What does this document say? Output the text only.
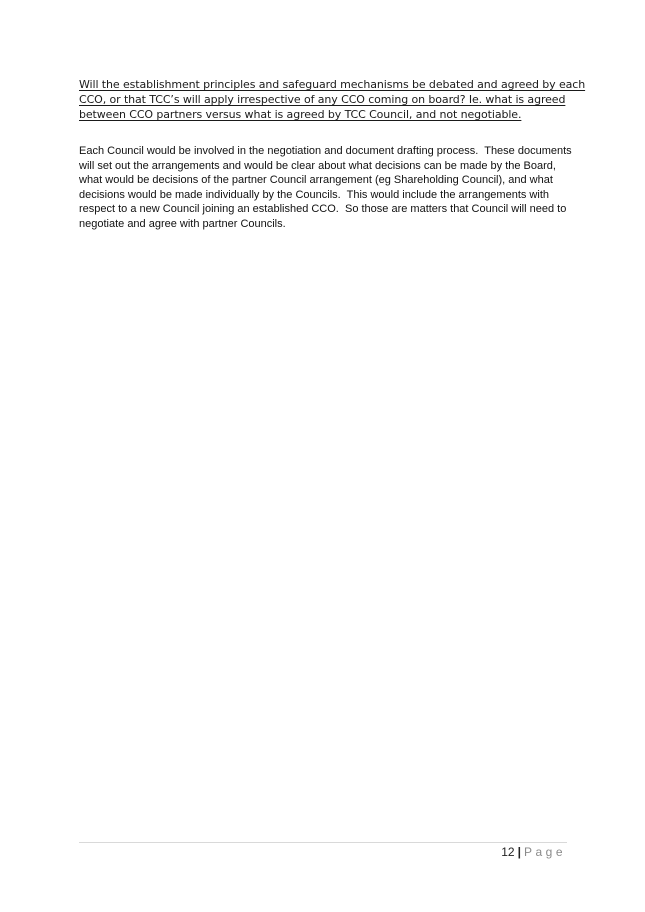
Will the establishment principles and safeguard mechanisms be debated and agreed by each
CCO, or that TCC’s will apply irrespective of any CCO coming on board? Ie. what is agreed
between CCO partners versus what is agreed by TCC Council, and not negotiable.
Each Council would be involved in the negotiation and document drafting process.  These documents
will set out the arrangements and would be clear about what decisions can be made by the Board,
what would be decisions of the partner Council arrangement (eg Shareholding Council), and what
decisions would be made individually by the Councils.  This would include the arrangements with
respect to a new Council joining an established CCO.  So those are matters that Council will need to
negotiate and agree with partner Councils.
12 | Page
